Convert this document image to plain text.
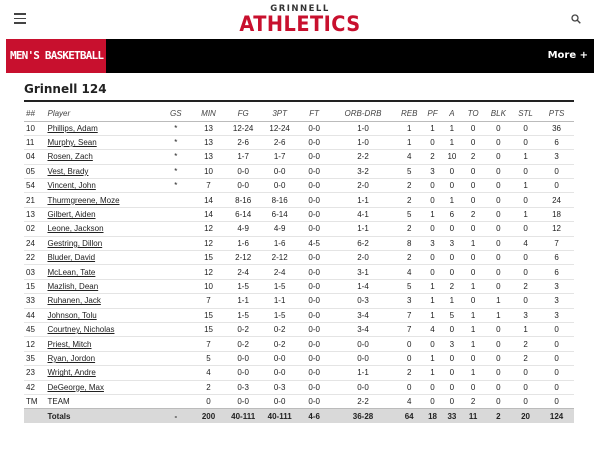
GRINNELL
ATHLETICS
MEN'S BASKETBALL	More +
Grinnell 124
##	Player	GS	MIN	FG	3PT	FT	ORB-DRB	REB	PF	A	TO	BLK	STL	PTS
10	Phillips, Adam	*	13	12-24	12-24	0-0	1-0	1	1	1	0	0	0	36
11	Murphy, Sean	*	13	2-6	2-6	0-0	1-0	1	0	1	0	0	0	6
04	Rosen, Zach	*	13	1-7	1-7	0-0	2-2	4	2	10	2	0	1	3
05	Vest, Brady	*	10	0-0	0-0	0-0	3-2	5	3	0	0	0	0	0
54	Vincent, John	*	7	0-0	0-0	0-0	2-0	2	0	0	0	0	1	0
21	Thurmgreene, Moze		14	8-16	8-16	0-0	1-1	2	0	1	0	0	0	24
13	Gilbert, Aiden		14	6-14	6-14	0-0	4-1	5	1	6	2	0	1	18
02	Leone, Jackson		12	4-9	4-9	0-0	1-1	2	0	0	0	0	0	12
24	Gestring, Dillon		12	1-6	1-6	4-5	6-2	8	3	3	1	0	4	7
22	Bluder, David		15	2-12	2-12	0-0	2-0	2	0	0	0	0	0	6
03	McLean, Tate		12	2-4	2-4	0-0	3-1	4	0	0	0	0	0	6
15	Mazlish, Dean		10	1-5	1-5	0-0	1-4	5	1	2	1	0	2	3
33	Ruhanen, Jack		7	1-1	1-1	0-0	0-3	3	1	1	0	1	0	3
44	Johnson, Tolu		15	1-5	1-5	0-0	3-4	7	1	5	1	1	3	3
45	Courtney, Nicholas		15	0-2	0-2	0-0	3-4	7	4	0	1	0	1	0
12	Priest, Mitch		7	0-2	0-2	0-0	0-0	0	0	3	1	0	2	0
35	Ryan, Jordon		5	0-0	0-0	0-0	0-0	0	1	0	0	0	2	0
23	Wright, Andre		4	0-0	0-0	0-0	1-1	2	1	0	1	0	0	0
42	DeGeorge, Max		2	0-3	0-3	0-0	0-0	0	0	0	0	0	0	0
TM	TEAM		0	0-0	0-0	0-0	2-2	4	0	0	2	0	0	0
	Totals	-	200	40-111	40-111	4-6	36-28	64	18	33	11	2	20	124
